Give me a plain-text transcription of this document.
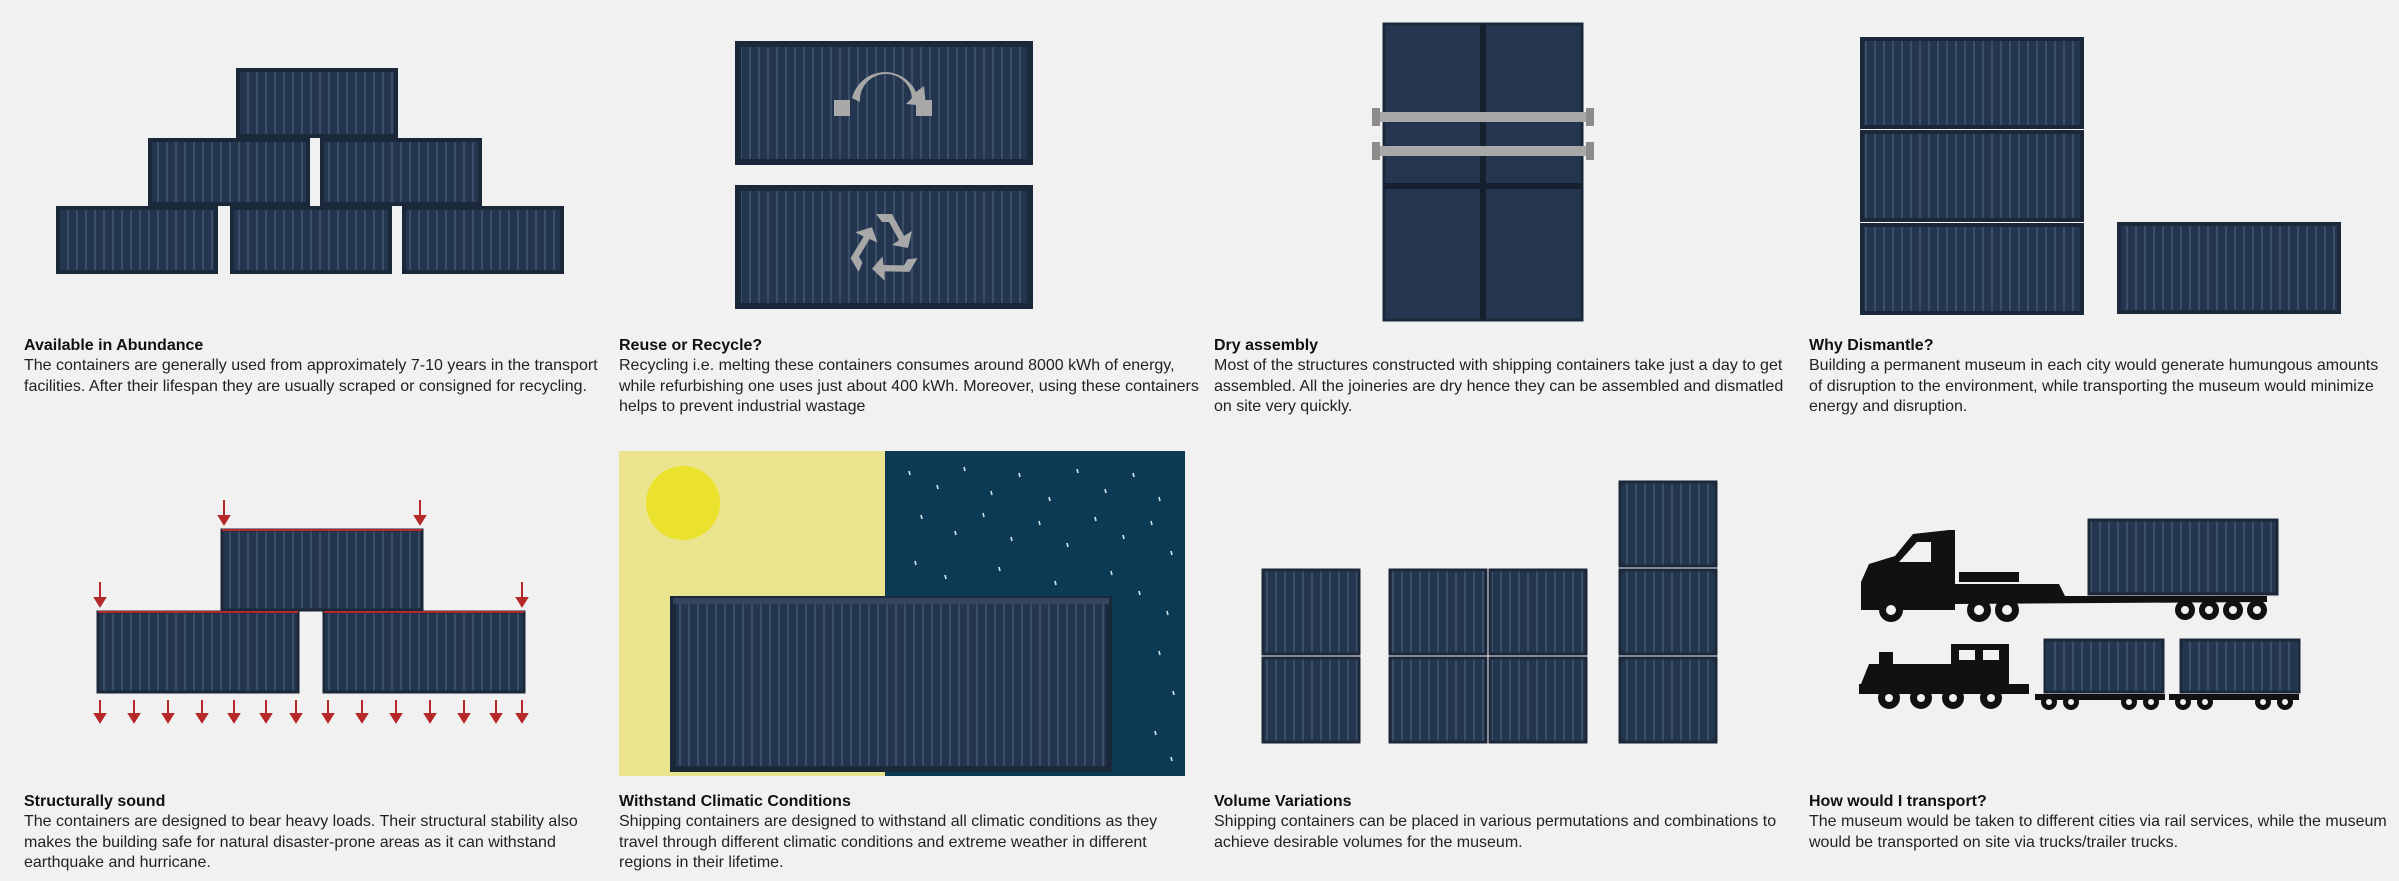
Available in Abundance

The containers are generally used from approximately 7-10 years in the transport facilities. After their lifespan they are usually scraped or consigned for recycling.

Reuse or Recycle?

Recycling i.e. melting these containers consumes around 8000 kWh of energy, while refurbishing one uses just about 400 kWh. Moreover, using these containers helps to prevent industrial wastage

Dry assembly

Most of the structures constructed with shipping containers take just a day to get assembled. All the joineries are dry hence they can be assembled and dismatled on site very quickly.

Why Dismantle?

Building a permanent museum in each city would generate humungous amounts of disruption to the environment, while transporting the museum would minimize energy and disruption.

Structurally sound

The containers are designed to bear heavy loads. Their structural stability also makes the building safe for natural disaster-prone areas as it can withstand earthquake and hurricane.

Withstand Climatic Conditions

Shipping containers are designed to withstand all climatic conditions as they travel through different climatic conditions and extreme weather in different regions in their lifetime.

Volume Variations

Shipping containers can be placed in various permutations and combinations to achieve desirable volumes for the museum.

How would I transport?

The museum would be taken to different cities via rail services, while the museum would be transported on site via trucks/trailer trucks.
